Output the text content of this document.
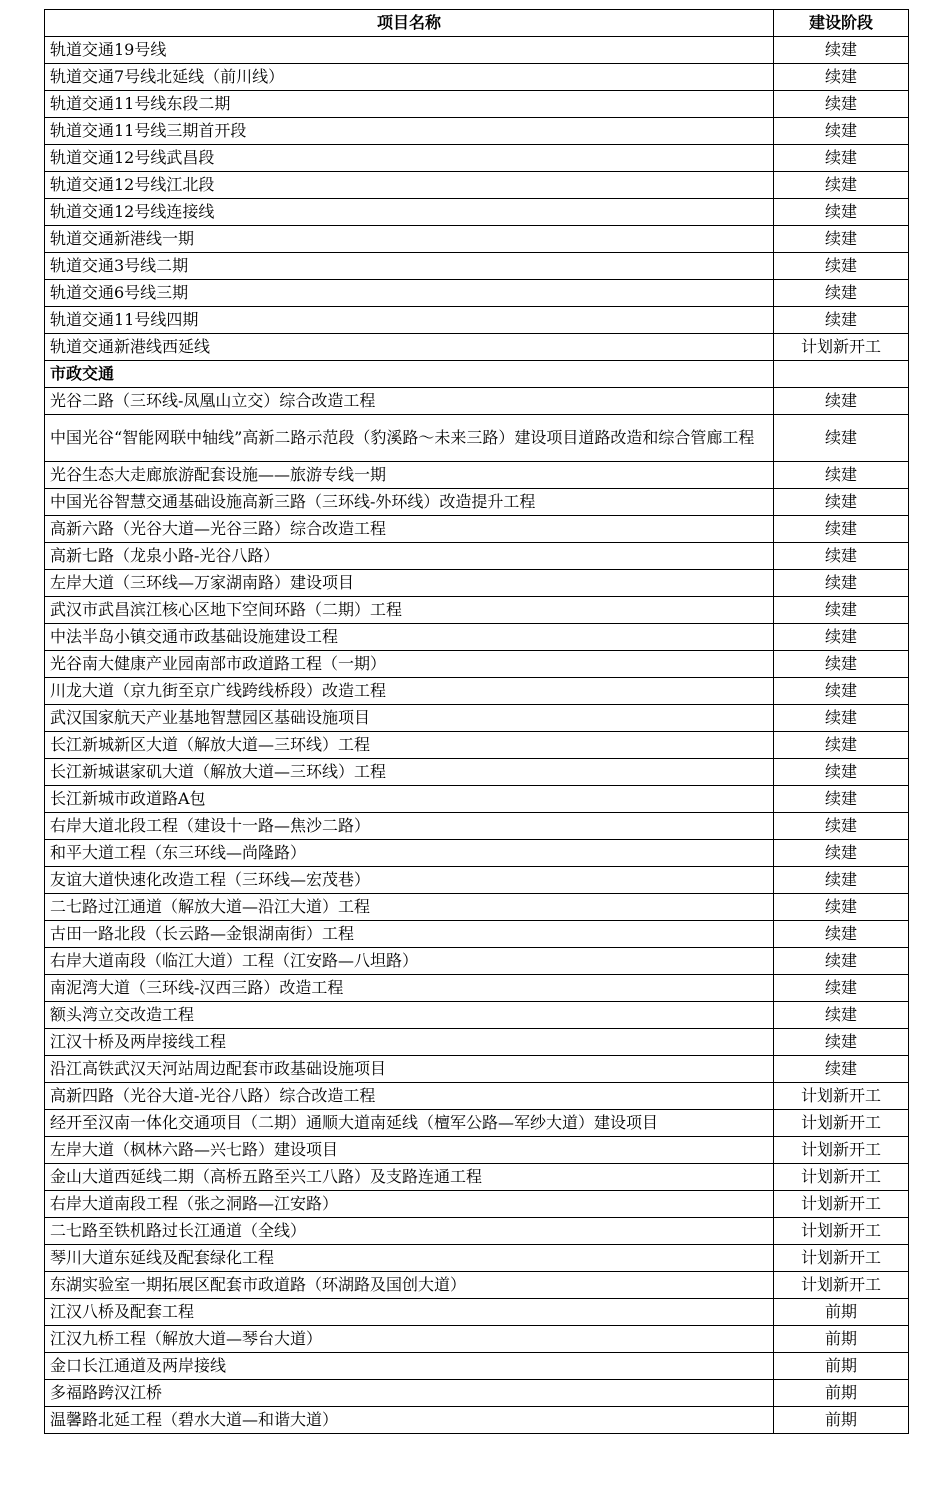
项目名称	建设阶段
轨道交通19号线	续建
轨道交通7号线北延线（前川线）	续建
轨道交通11号线东段二期	续建
轨道交通11号线三期首开段	续建
轨道交通12号线武昌段	续建
轨道交通12号线江北段	续建
轨道交通12号线连接线	续建
轨道交通新港线一期	续建
轨道交通3号线二期	续建
轨道交通6号线三期	续建
轨道交通11号线四期	续建
轨道交通新港线西延线	计划新开工
市政交通	
光谷二路（三环线-凤凰山立交）综合改造工程	续建
中国光谷“智能网联中轴线”高新二路示范段（豹溪路～未来三路）建设项目道路改造和综合管廊工程	续建
光谷生态大走廊旅游配套设施——旅游专线一期	续建
中国光谷智慧交通基础设施高新三路（三环线-外环线）改造提升工程	续建
高新六路（光谷大道—光谷三路）综合改造工程	续建
高新七路（龙泉小路-光谷八路）	续建
左岸大道（三环线—万家湖南路）建设项目	续建
武汉市武昌滨江核心区地下空间环路（二期）工程	续建
中法半岛小镇交通市政基础设施建设工程	续建
光谷南大健康产业园南部市政道路工程（一期）	续建
川龙大道（京九街至京广线跨线桥段）改造工程	续建
武汉国家航天产业基地智慧园区基础设施项目	续建
长江新城新区大道（解放大道—三环线）工程	续建
长江新城谌家矶大道（解放大道—三环线）工程	续建
长江新城市政道路A包	续建
右岸大道北段工程（建设十一路—焦沙二路）	续建
和平大道工程（东三环线—尚隆路）	续建
友谊大道快速化改造工程（三环线—宏茂巷）	续建
二七路过江通道（解放大道—沿江大道）工程	续建
古田一路北段（长云路—金银湖南街）工程	续建
右岸大道南段（临江大道）工程（江安路—八坦路）	续建
南泥湾大道（三环线-汉西三路）改造工程	续建
额头湾立交改造工程	续建
江汉十桥及两岸接线工程	续建
沿江高铁武汉天河站周边配套市政基础设施项目	续建
高新四路（光谷大道-光谷八路）综合改造工程	计划新开工
经开至汉南一体化交通项目（二期）通顺大道南延线（檀军公路—军纱大道）建设项目	计划新开工
左岸大道（枫林六路—兴七路）建设项目	计划新开工
金山大道西延线二期（高桥五路至兴工八路）及支路连通工程	计划新开工
右岸大道南段工程（张之洞路—江安路）	计划新开工
二七路至铁机路过长江通道（全线）	计划新开工
琴川大道东延线及配套绿化工程	计划新开工
东湖实验室一期拓展区配套市政道路（环湖路及国创大道）	计划新开工
江汉八桥及配套工程	前期
江汉九桥工程（解放大道—琴台大道）	前期
金口长江通道及两岸接线	前期
多福路跨汉江桥	前期
温馨路北延工程（碧水大道—和谐大道）	前期
